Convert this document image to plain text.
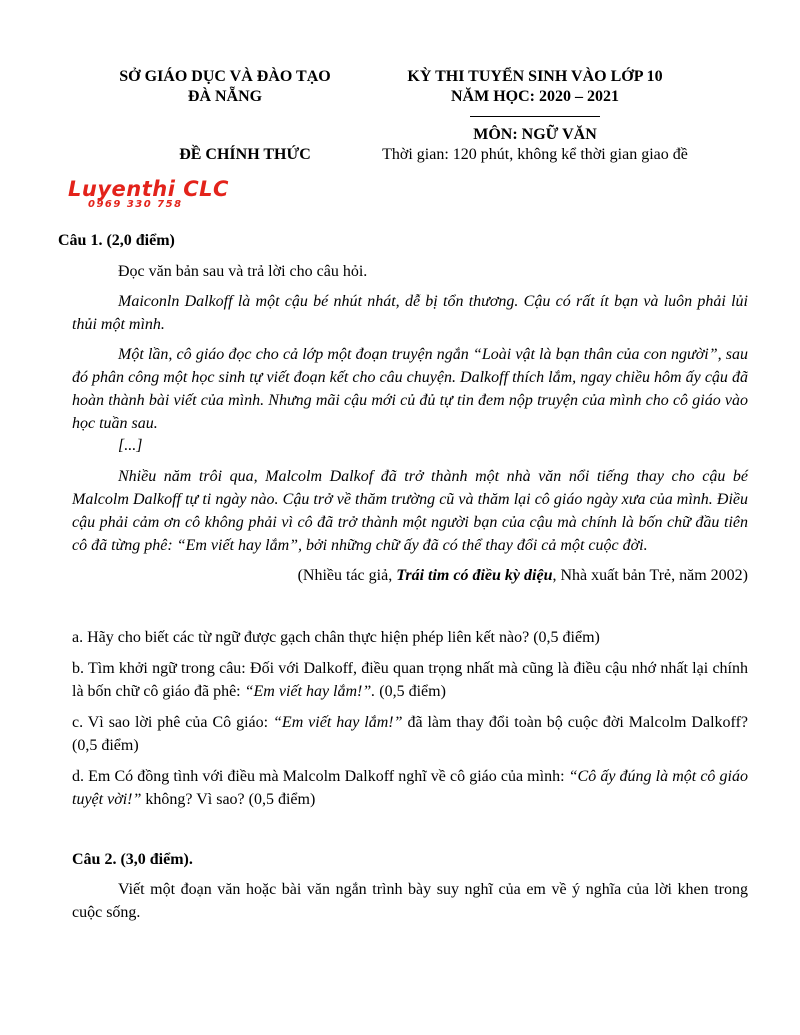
SỞ GIÁO DỤC VÀ ĐÀO TẠO
ĐÀ NẴNG
KỲ THI TUYỂN SINH VÀO LỚP 10
NĂM HỌC: 2020 – 2021
MÔN: NGỮ VĂN
ĐỀ CHÍNH THỨC	Thời gian: 120 phút, không kể thời gian giao đề
Luyenthi CLC
0969 330 758
Câu 1. (2,0 điểm)
Đọc văn bản sau và trả lời cho câu hỏi.
Maiconln Dalkoff là một cậu bé nhút nhát, dễ bị tổn thương. Cậu có rất ít bạn và luôn phải lủi thủi một mình.
Một lần, cô giáo đọc cho cả lớp một đoạn truyện ngắn “Loài vật là bạn thân của con người”, sau đó phân công một học sinh tự viết đoạn kết cho câu chuyện. Dalkoff thích lắm, ngay chiều hôm ấy cậu đã hoàn thành bài viết của mình. Nhưng mãi cậu mới củ đủ tự tin đem nộp truyện của mình cho cô giáo vào học tuần sau.
[...]
Nhiều năm trôi qua, Malcolm Dalkof đã trở thành một nhà văn nổi tiếng thay cho cậu bé Malcolm Dalkoff tự ti ngày nào. Cậu trở về thăm trường cũ và thăm lại cô giáo ngày xưa của mình. Điều cậu phải cảm ơn cô không phải vì cô đã trở thành một người bạn của cậu mà chính là bốn chữ đầu tiên cô đã từng phê: “Em viết hay lắm”, bởi những chữ ấy đã có thể thay đổi cả một cuộc đời.
(Nhiều tác giả, Trái tim có điều kỳ diệu, Nhà xuất bản Trẻ, năm 2002)
a. Hãy cho biết các từ ngữ được gạch chân thực hiện phép liên kết nào? (0,5 điểm)
b. Tìm khởi ngữ trong câu: Đối với Dalkoff, điều quan trọng nhất mà cũng là điều cậu nhớ nhất lại chính là bốn chữ cô giáo đã phê: “Em viết hay lắm!”. (0,5 điểm)
c. Vì sao lời phê của Cô giáo: “Em viết hay lắm!” đã làm thay đổi toàn bộ cuộc đời Malcolm Dalkoff? (0,5 điểm)
d. Em Có đồng tình với điều mà Malcolm Dalkoff nghĩ về cô giáo của mình: “Cô ấy đúng là một cô giáo tuyệt vời!” không? Vì sao? (0,5 điểm)
Câu 2. (3,0 điểm).
Viết một đoạn văn hoặc bài văn ngắn trình bày suy nghĩ của em về ý nghĩa của lời khen trong cuộc sống.
